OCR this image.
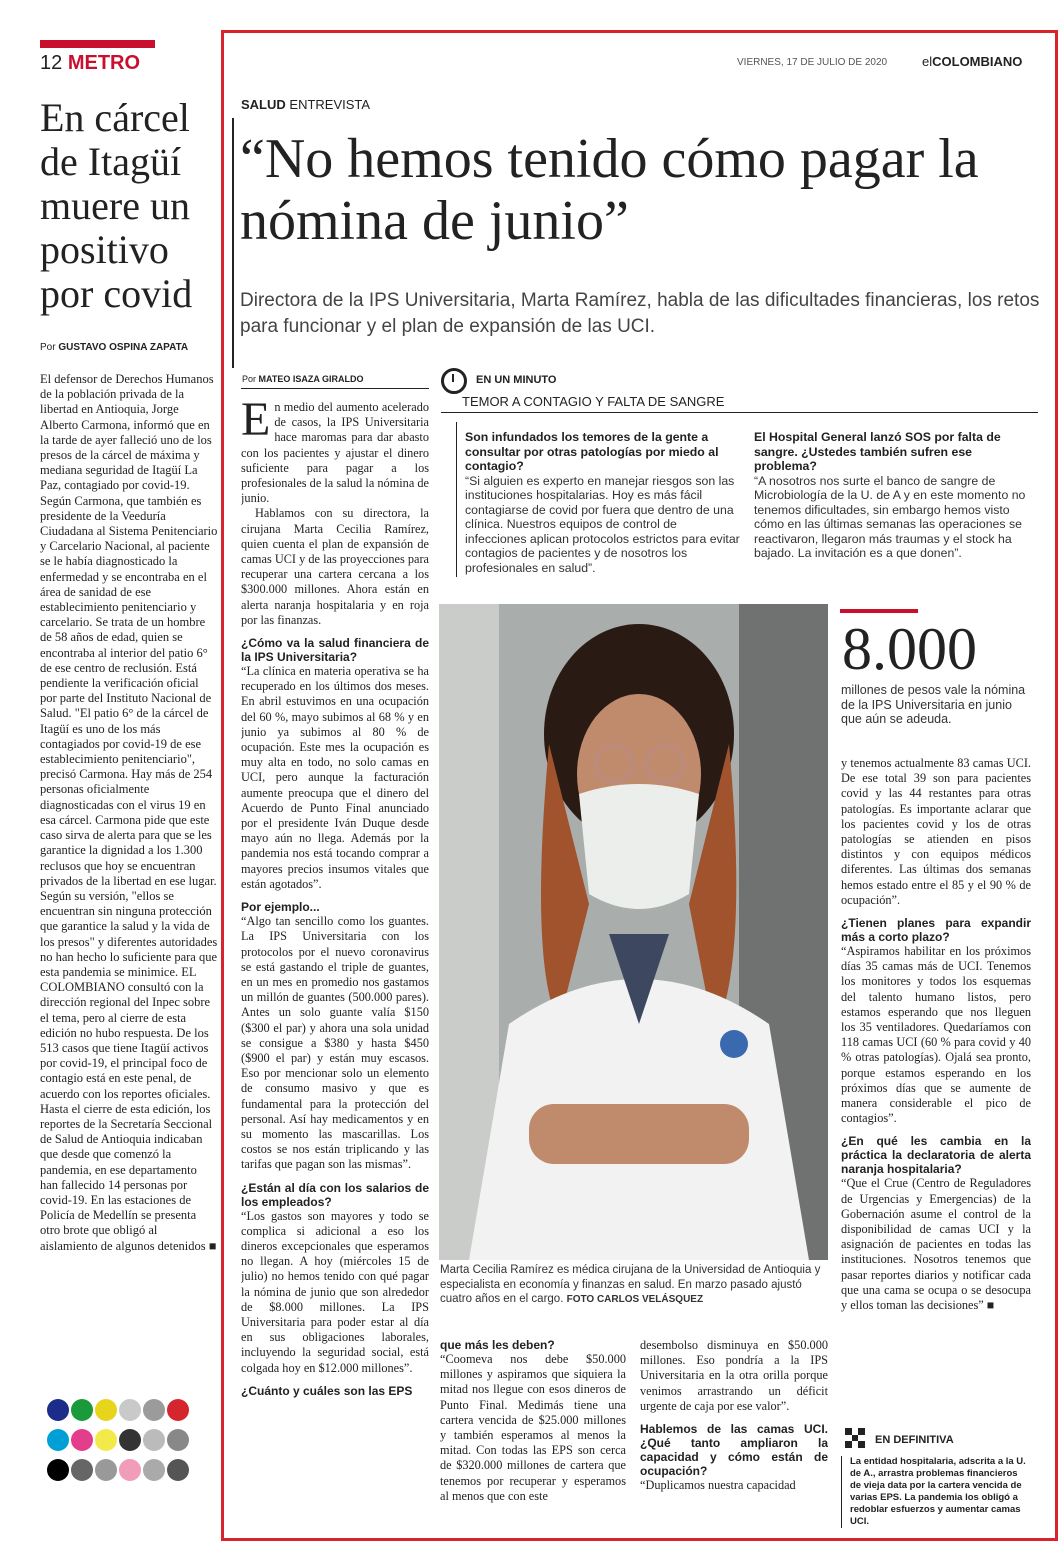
12 METRO
En cárcel de Itagüí muere un positivo por covid
Por GUSTAVO OSPINA ZAPATA
El defensor de Derechos Humanos de la población privada de la libertad en Antioquia, Jorge Alberto Carmona, informó que en la tarde de ayer falleció uno de los presos de la cárcel de máxima y mediana seguridad de Itagüí La Paz, contagiado por covid-19. Según Carmona, que también es presidente de la Veeduría Ciudadana al Sistema Penitenciario y Carcelario Nacional, al paciente se le había diagnosticado la enfermedad y se encontraba en el área de sanidad de ese establecimiento penitenciario y carcelario. Se trata de un hombre de 58 años de edad, quien se encontraba al interior del patio 6° de ese centro de reclusión. Está pendiente la verificación oficial por parte del Instituto Nacional de Salud. "El patio 6° de la cárcel de Itagüí es uno de los más contagiados por covid-19 de ese establecimiento penitenciario", precisó Carmona. Hay más de 254 personas oficialmente diagnosticadas con el virus 19 en esa cárcel. Carmona pide que este caso sirva de alerta para que se les garantice la dignidad a los 1.300 reclusos que hoy se encuentran privados de la libertad en ese lugar. Según su versión, "ellos se encuentran sin ninguna protección que garantice la salud y la vida de los presos" y diferentes autoridades no han hecho lo suficiente para que esta pandemia se minimice. EL COLOMBIANO consultó con la dirección regional del Inpec sobre el tema, pero al cierre de esta edición no hubo respuesta. De los 513 casos que tiene Itagüí activos por covid-19, el principal foco de contagio está en este penal, de acuerdo con los reportes oficiales. Hasta el cierre de esta edición, los reportes de la Secretaría Seccional de Salud de Antioquia indicaban que desde que comenzó la pandemia, en ese departamento han fallecido 14 personas por covid-19. En las estaciones de Policía de Medellín se presenta otro brote que obligó al aislamiento de algunos detenidos ■

VIERNES, 17 DE JULIO DE 2020	elCOLOMBIANO
SALUD ENTREVISTA
“No hemos tenido cómo pagar la nómina de junio”
Directora de la IPS Universitaria, Marta Ramírez, habla de las dificultades financieras, los retos para funcionar y el plan de expansión de las UCI.
Por MATEO ISAZA GIRALDO

En medio del aumento acelerado de casos, la IPS Universitaria hace maromas para dar abasto con los pacientes y ajustar el dinero suficiente para pagar a los profesionales de la salud la nómina de junio.

Hablamos con su directora, la cirujana Marta Cecilia Ramírez, quien cuenta el plan de expansión de camas UCI y de las proyecciones para recuperar una cartera cercana a los $300.000 millones. Ahora están en alerta naranja hospitalaria y en roja por las finanzas.

¿Cómo va la salud financiera de la IPS Universitaria?

“La clínica en materia operativa se ha recuperado en los últimos dos meses. En abril estuvimos en una ocupación del 60 %, mayo subimos al 68 % y en junio ya subimos al 80 % de ocupación. Este mes la ocupación es muy alta en todo, no solo camas en UCI, pero aunque la facturación aumente preocupa que el dinero del Acuerdo de Punto Final anunciado por el presidente Iván Duque desde mayo aún no llega. Además por la pandemia nos está tocando comprar a mayores precios insumos vitales que están agotados”.

Por ejemplo...

“Algo tan sencillo como los guantes. La IPS Universitaria con los protocolos por el nuevo coronavirus se está gastando el triple de guantes, en un mes en promedio nos gastamos un millón de guantes (500.000 pares). Antes un solo guante valía $150 ($300 el par) y ahora una sola unidad se consigue a $380 y hasta $450 ($900 el par) y están muy escasos. Eso por mencionar solo un elemento de consumo masivo y que es fundamental para la protección del personal. Así hay medicamentos y en su momento las mascarillas. Los costos se nos están triplicando y las tarifas que pagan son las mismas”.

¿Están al día con los salarios de los empleados?

“Los gastos son mayores y todo se complica si adicional a eso los dineros excepcionales que esperamos no llegan. A hoy (miércoles 15 de julio) no hemos tenido con qué pagar la nómina de junio que son alrededor de $8.000 millones. La IPS Universitaria para poder estar al día en sus obligaciones laborales, incluyendo la seguridad social, está colgada hoy en $12.000 millones”.

¿Cuánto y cuáles son las EPS
EN UN MINUTO
TEMOR A CONTAGIO Y FALTA DE SANGRE
Son infundados los temores de la gente a consultar por otras patologías por miedo al contagio?
“Si alguien es experto en manejar riesgos son las instituciones hospitalarias. Hoy es más fácil contagiarse de covid por fuera que dentro de una clínica. Nuestros equipos de control de infecciones aplican protocolos estrictos para evitar contagios de pacientes y de nosotros los profesionales en salud”.
El Hospital General lanzó SOS por falta de sangre. ¿Ustedes también sufren ese problema?
“A nosotros nos surte el banco de sangre de Microbiología de la U. de A y en este momento no tenemos dificultades, sin embargo hemos visto cómo en las últimas semanas las operaciones se reactivaron, llegaron más traumas y el stock ha bajado. La invitación es a que donen”.
Marta Cecilia Ramírez es médica cirujana de la Universidad de Antioquia y especialista en economía y finanzas en salud. En marzo pasado ajustó cuatro años en el cargo. FOTO CARLOS VELÁSQUEZ
que más les deben?

“Coomeva nos debe $50.000 millones y aspiramos que siquiera la mitad nos llegue con esos dineros de Punto Final. Medimás tiene una cartera vencida de $25.000 millones y también esperamos al menos la mitad. Con todas las EPS son cerca de $320.000 millones de cartera que tenemos por recuperar y esperamos al menos que con este

desembolso disminuya en $50.000 millones. Eso pondría a la IPS Universitaria en la otra orilla porque venimos arrastrando un déficit urgente de caja por ese valor”.

Hablemos de las camas UCI. ¿Qué tanto ampliaron la capacidad y cómo están de ocupación?

“Duplicamos nuestra capacidad

8.000
millones de pesos vale la nómina de la IPS Universitaria en junio que aún se adeuda.

y tenemos actualmente 83 camas UCI. De ese total 39 son para pacientes covid y las 44 restantes para otras patologías. Es importante aclarar que los pacientes covid y los de otras patologías se atienden en pisos distintos y con equipos médicos diferentes. Las últimas dos semanas hemos estado entre el 85 y el 90 % de ocupación”.

¿Tienen planes para expandir más a corto plazo?

“Aspiramos habilitar en los próximos días 35 camas más de UCI. Tenemos los monitores y todos los esquemas del talento humano listos, pero estamos esperando que nos lleguen los 35 ventiladores. Quedaríamos con 118 camas UCI (60 % para covid y 40 % otras patologías). Ojalá sea pronto, porque estamos esperando en los próximos días que se aumente de manera considerable el pico de contagios”.

¿En qué les cambia en la práctica la declaratoria de alerta naranja hospitalaria?

“Que el Crue (Centro de Reguladores de Urgencias y Emergencias) de la Gobernación asume el control de la disponibilidad de camas UCI y la asignación de pacientes en todas las instituciones. Nosotros tenemos que pasar reportes diarios y notificar cada que una cama se ocupa o se desocupa y ellos toman las decisiones” ■

EN DEFINITIVA
La entidad hospitalaria, adscrita a la U. de A., arrastra problemas financieros de vieja data por la cartera vencida de varias EPS. La pandemia los obligó a redoblar esfuerzos y aumentar camas UCI.
